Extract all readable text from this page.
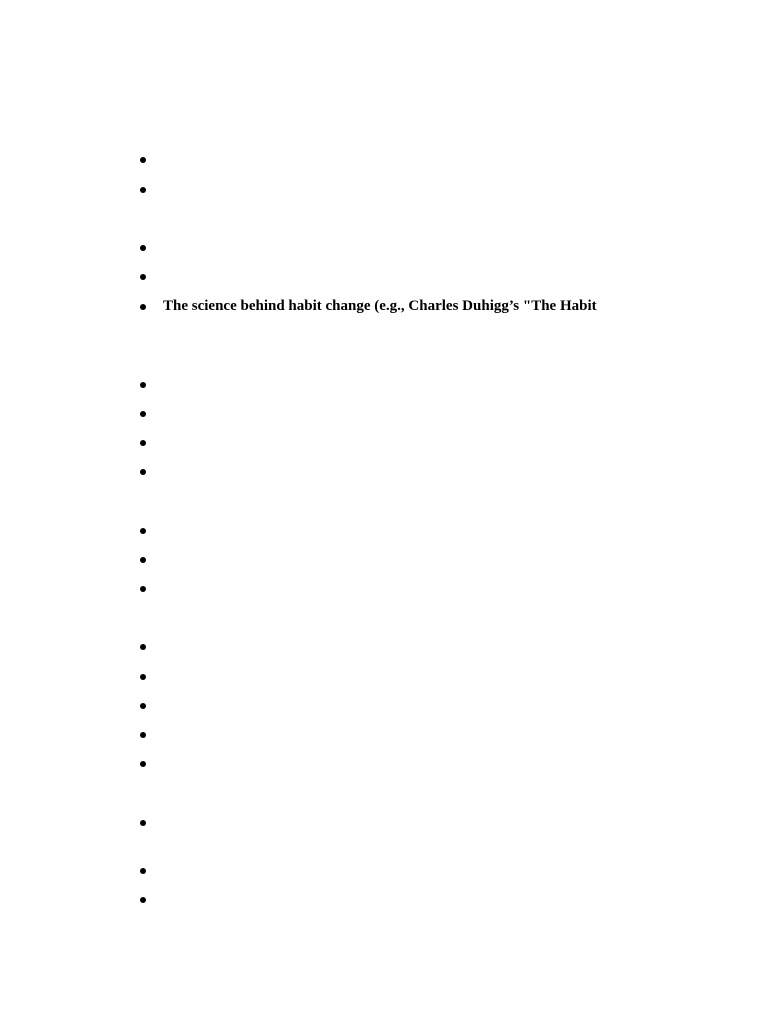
The science behind habit change (e.g., Charles Duhigg’s "The Habit
